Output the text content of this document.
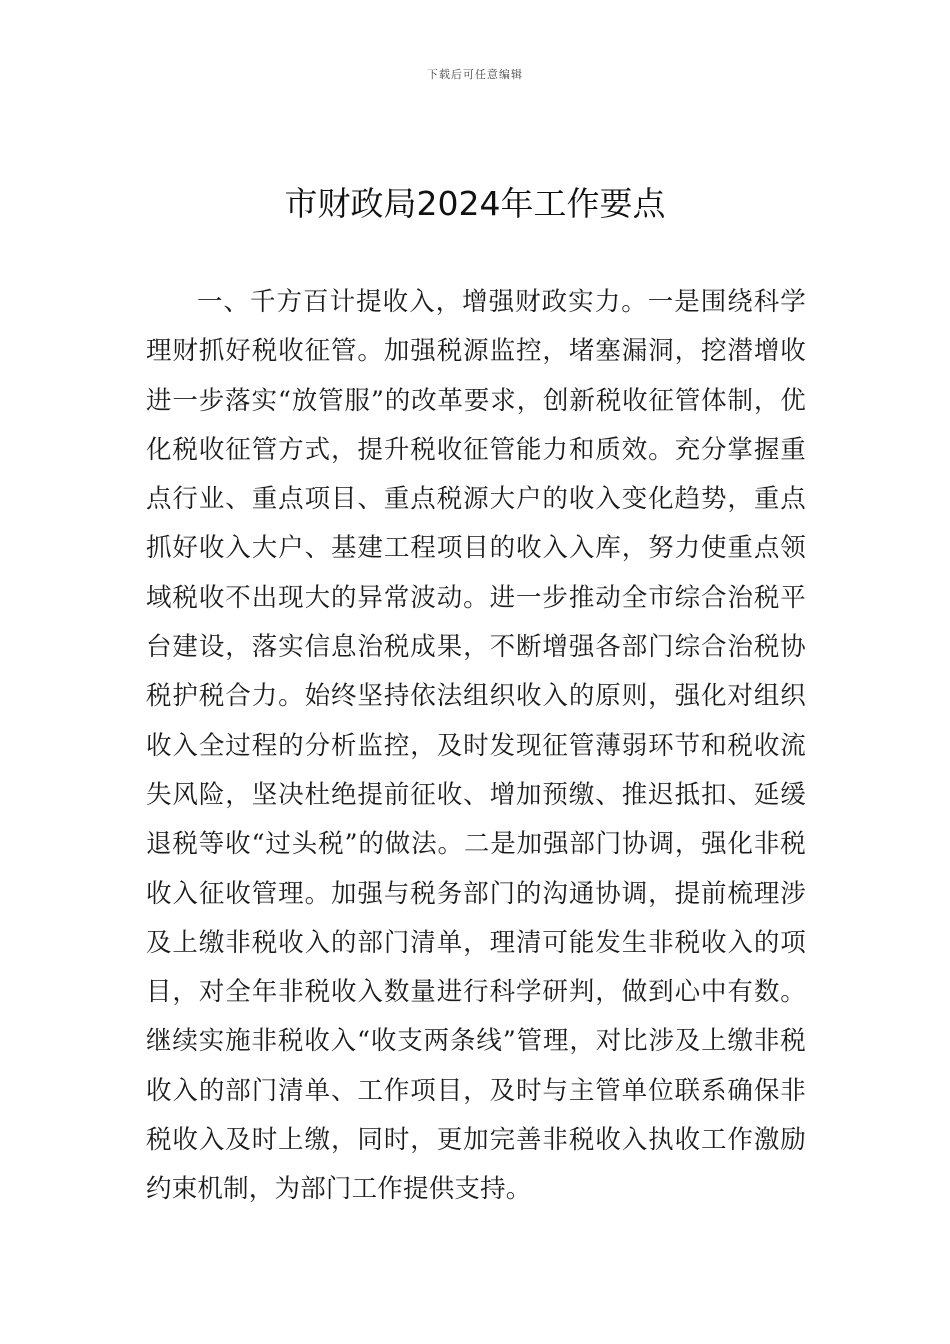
下载后可任意编辑
市财政局2024年工作要点

一、千方百计提收入，增强财政实力。一是围绕科学理财抓好税收征管。加强税源监控，堵塞漏洞，挖潜增收进一步落实“放管服”的改革要求，创新税收征管体制，优化税收征管方式，提升税收征管能力和质效。充分掌握重点行业、重点项目、重点税源大户的收入变化趋势，重点抓好收入大户、基建工程项目的收入入库，努力使重点领域税收不出现大的异常波动。进一步推动全市综合治税平台建设，落实信息治税成果，不断增强各部门综合治税协税护税合力。始终坚持依法组织收入的原则，强化对组织收入全过程的分析监控，及时发现征管薄弱环节和税收流失风险，坚决杜绝提前征收、增加预缴、推迟抵扣、延缓退税等收“过头税”的做法。二是加强部门协调，强化非税收入征收管理。加强与税务部门的沟通协调，提前梳理涉及上缴非税收入的部门清单，理清可能发生非税收入的项目，对全年非税收入数量进行科学研判，做到心中有数。继续实施非税收入“收支两条线”管理，对比涉及上缴非税收入的部门清单、工作项目，及时与主管单位联系确保非税收入及时上缴，同时，更加完善非税收入执收工作激励约束机制，为部门工作提供支持。
